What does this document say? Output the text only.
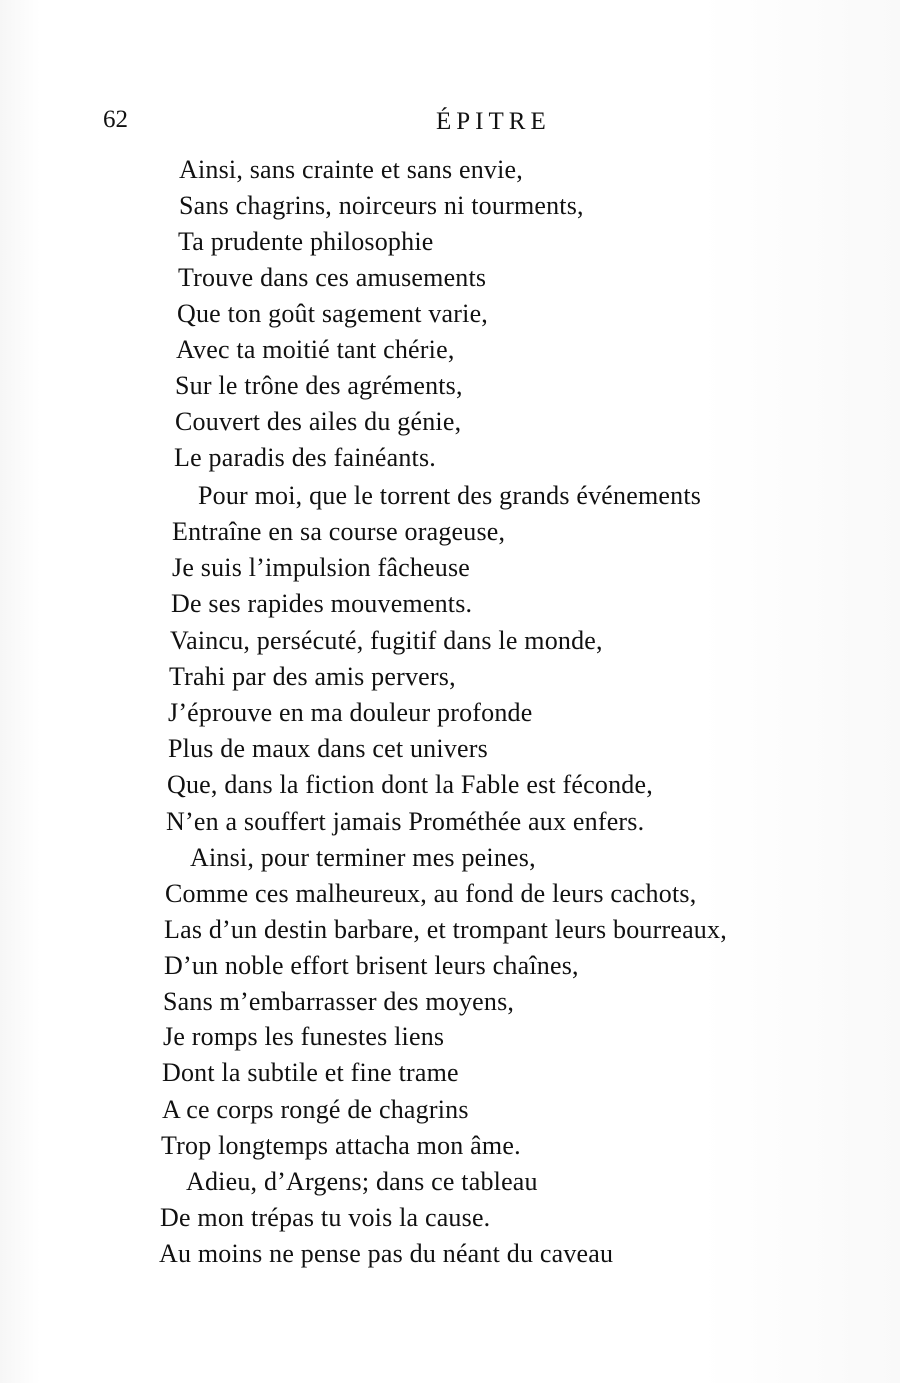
62	ÉPITRE
Ainsi, sans crainte et sans envie,
Sans chagrins, noirceurs ni tourments,
Ta prudente philosophie
Trouve dans ces amusements
Que ton goût sagement varie,
Avec ta moitié tant chérie,
Sur le trône des agréments,
Couvert des ailes du génie,
Le paradis des fainéants.
Pour moi, que le torrent des grands événements
Entraîne en sa course orageuse,
Je suis l’impulsion fâcheuse
De ses rapides mouvements.
Vaincu, persécuté, fugitif dans le monde,
Trahi par des amis pervers,
J’éprouve en ma douleur profonde
Plus de maux dans cet univers
Que, dans la fiction dont la Fable est féconde,
N’en a souffert jamais Prométhée aux enfers.
Ainsi, pour terminer mes peines,
Comme ces malheureux, au fond de leurs cachots,
Las d’un destin barbare, et trompant leurs bourreaux,
D’un noble effort brisent leurs chaînes,
Sans m’embarrasser des moyens,
Je romps les funestes liens
Dont la subtile et fine trame
A ce corps rongé de chagrins
Trop longtemps attacha mon âme.
Adieu, d’Argens; dans ce tableau
De mon trépas tu vois la cause.
Au moins ne pense pas du néant du caveau
